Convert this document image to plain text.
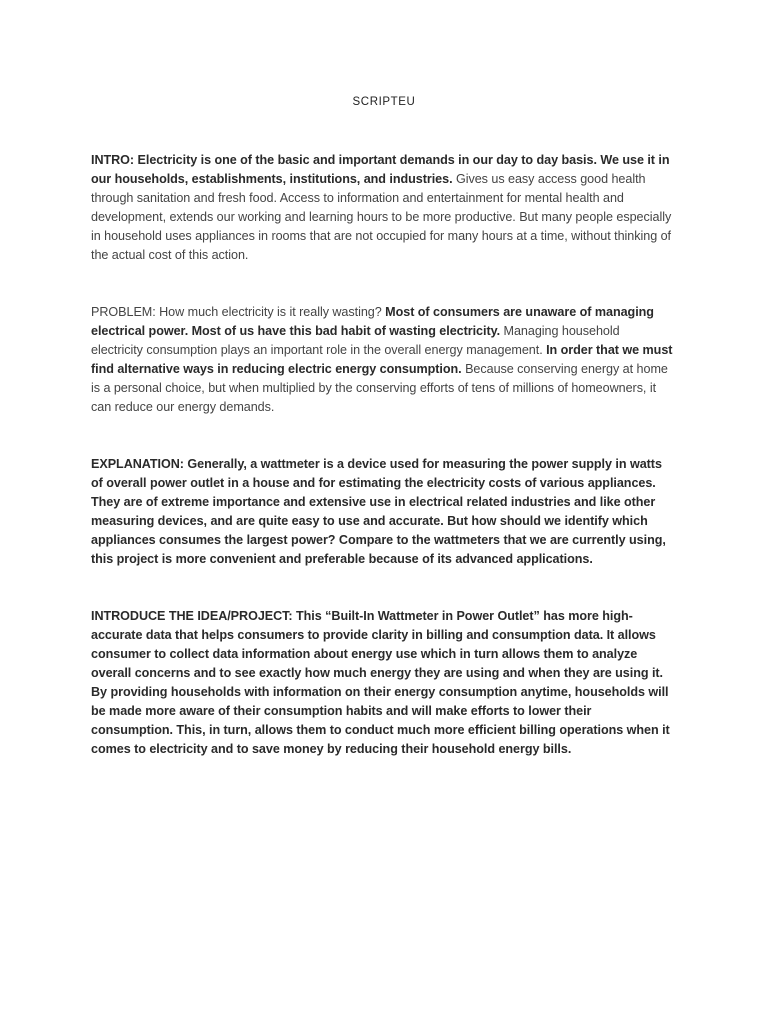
SCRIPTEU

INTRO: Electricity is one of the basic and important demands in our day to day basis. We use it in our households, establishments, institutions, and industries. Gives us easy access good health through sanitation and fresh food. Access to information and entertainment for mental health and development, extends our working and learning hours to be more productive. But many people especially in household uses appliances in rooms that are not occupied for many hours at a time, without thinking of the actual cost of this action.

PROBLEM: How much electricity is it really wasting? Most of consumers are unaware of managing electrical power. Most of us have this bad habit of wasting electricity. Managing household electricity consumption plays an important role in the overall energy management. In order that we must find alternative ways in reducing electric energy consumption. Because conserving energy at home is a personal choice, but when multiplied by the conserving efforts of tens of millions of homeowners, it can reduce our energy demands.

EXPLANATION: Generally, a wattmeter is a device used for measuring the power supply in watts of overall power outlet in a house and for estimating the electricity costs of various appliances. They are of extreme importance and extensive use in electrical related industries and like other measuring devices, and are quite easy to use and accurate. But how should we identify which appliances consumes the largest power? Compare to the wattmeters that we are currently using, this project is more convenient and preferable because of its advanced applications.

INTRODUCE THE IDEA/PROJECT: This “Built-In Wattmeter in Power Outlet” has more high-accurate data that helps consumers to provide clarity in billing and consumption data. It allows consumer to collect data information about energy use which in turn allows them to analyze overall concerns and to see exactly how much energy they are using and when they are using it. By providing households with information on their energy consumption anytime, households will be made more aware of their consumption habits and will make efforts to lower their consumption. This, in turn, allows them to conduct much more efficient billing operations when it comes to electricity and to save money by reducing their household energy bills.
